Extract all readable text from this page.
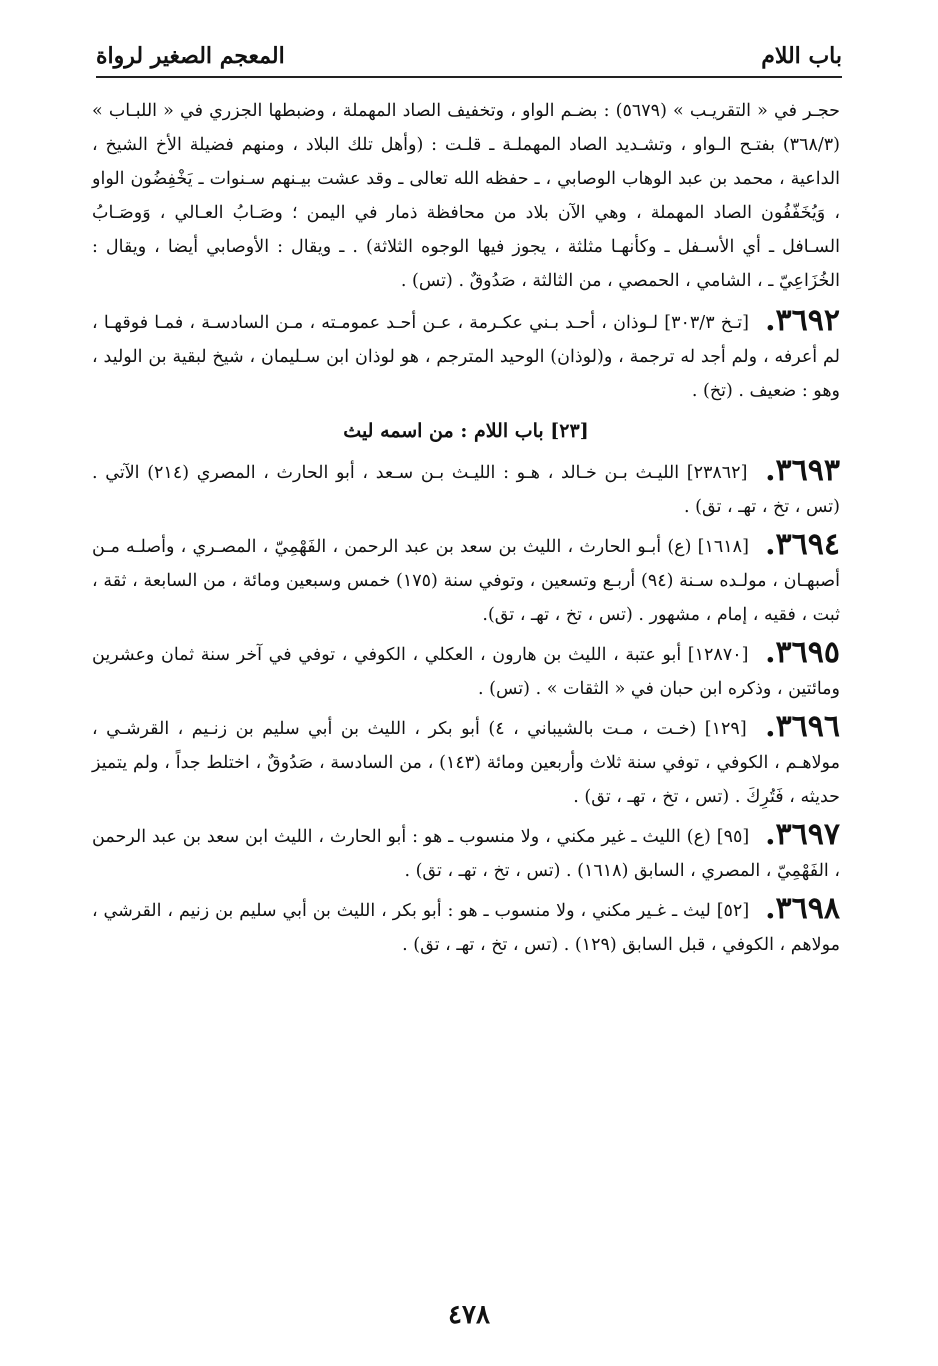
باب اللام
المعجم الصغير لرواة

حجـر في « التقريـب » (٥٦٧٩) : بضـم الواو ، وتخفيف الصاد المهملة ، وضبطها الجزري في « اللبـاب » (٣٦٨/٣) بفتـح الـواو ، وتشـديد الصاد المهملـة ـ قلـت : (وأهل تلك البلاد ، ومنهم فضيلة الأخ الشيخ ، الداعية ، محمد بن عبد الوهاب الوصابي ، ـ حفظه الله تعالى ـ وقد عشت بيـنهم سـنوات ـ يَخْفِضُون الواو ، وَيُخَفّفُون الصاد المهملة ، وهي الآن بلاد من محافظة ذمار في اليمن ؛ وصَـابُ العـالي ، وَوصَـابُ السـافل ـ أي الأسـفل ـ وكأنهـا مثلثة ، يجوز فيها الوجوه الثلاثة) . ـ ويقال : الأوصابي أيضا ، ويقال : الخُزَاعِيّ ـ ، الشامي ، الحمصي ، من الثالثة ، صَدُوقٌ . (تس) .

٣٦٩٢. [تـخ ٣٠٣/٣] لـوذان ، أحـد بـني عكـرمة ، عـن أحـد عمومـته ، مـن السادسـة ، فمـا فوقهـا ، لم أعرفه ، ولم أجد له ترجمة ، و(لوذان) الوحيد المترجم ، هو لوذان ابن سـليمان ، شيخ لبقية بن الوليد ، وهو : ضعيف . (تخ) .

[٢٣] باب اللام : من اسمه ليث

٣٦٩٣. [٢٣٨٦٢] الليـث بـن خـالد ، هـو : الليـث بـن سـعد ، أبو الحارث ، المصري (٢١٤) الآتي . (تس ، تخ ، تهـ ، تق) .

٣٦٩٤. [١٦١٨] (ع) أبـو الحارث ، الليث بن سعد بن عبد الرحمن ، الفَهْمِيّ ، المصـري ، وأصلـه مـن أصبهـان ، مولـده سـنة (٩٤) أربـع وتسعين ، وتوفي سنة (١٧٥) خمس وسبعين ومائة ، من السابعة ، ثقة ، ثبت ، فقيه ، إمام ، مشهور . (تس ، تخ ، تهـ ، تق).

٣٦٩٥. [١٢٨٧٠] أبو عتبة ، الليث بن هارون ، العكلي ، الكوفي ، توفي في آخر سنة ثمان وعشرين ومائتين ، وذكره ابن حبان في « الثقات » . (تس) .

٣٦٩٦. [١٢٩] (خـت ، مـت بالشيباني ، ٤) أبو بكر ، الليث بن أبي سليم بن زنـيم ، القرشـي ، مولاهـم ، الكوفي ، توفي سنة ثلاث وأربعين ومائة (١٤٣) ، من السادسة ، صَدُوقٌ ، اختلط جداً ، ولم يتميز حديثه ، فَتُرِكَ . (تس ، تخ ، تهـ ، تق) .

٣٦٩٧. [٩٥] (ع) الليث ـ غير مكني ، ولا منسوب ـ هو : أبو الحارث ، الليث ابن سعد بن عبد الرحمن ، الفَهْمِيّ ، المصري ، السابق (١٦١٨) . (تس ، تخ ، تهـ ، تق) .

٣٦٩٨. [٥٢] ليث ـ غـير مكني ، ولا منسوب ـ هو : أبو بكر ، الليث بن أبي سليم بن زنيم ، القرشي ، مولاهم ، الكوفي ، قبل السابق (١٢٩) . (تس ، تخ ، تهـ ، تق) .

٤٧٨
